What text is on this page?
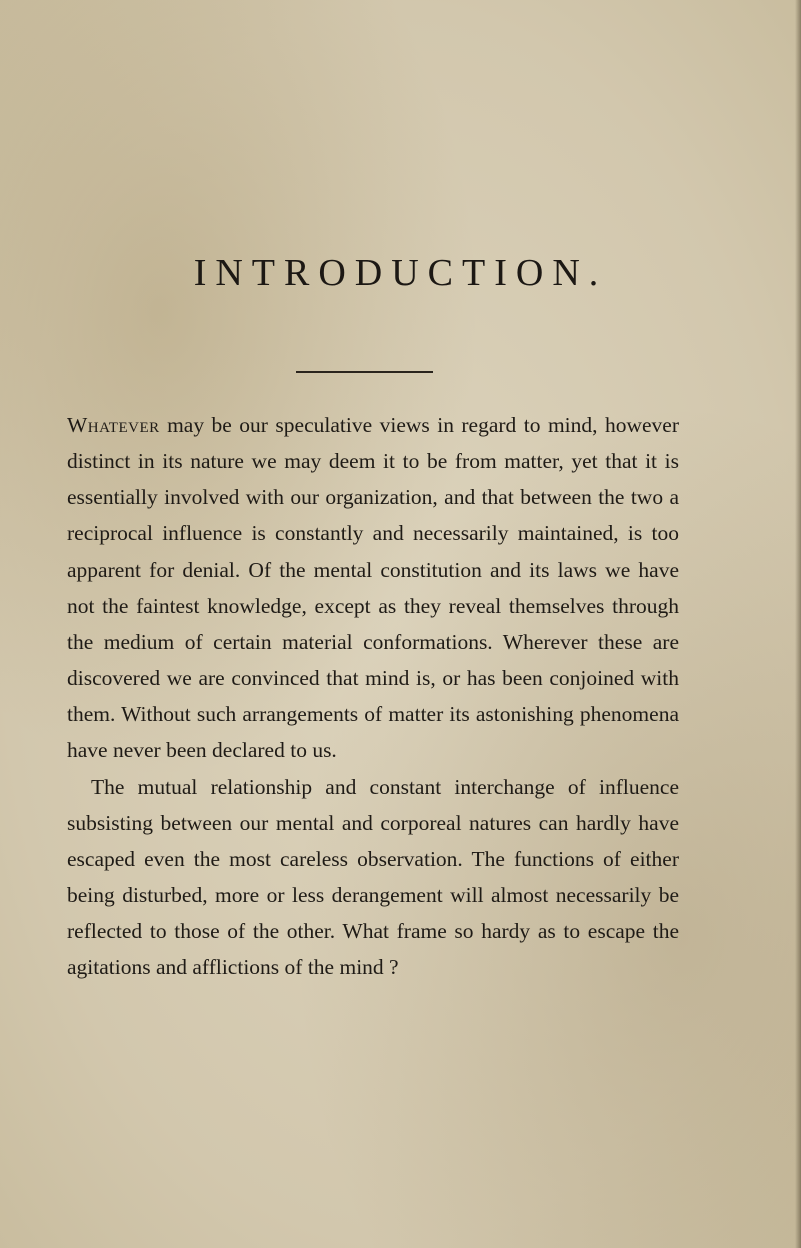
INTRODUCTION.

Whatever may be our speculative views in regard to mind, however distinct in its nature we may deem it to be from matter, yet that it is essentially involved with our organization, and that between the two a reciprocal influence is constantly and necessarily maintained, is too apparent for denial. Of the mental constitution and its laws we have not the faintest knowledge, except as they reveal themselves through the medium of certain material conformations. Wherever these are discovered we are convinced that mind is, or has been conjoined with them. Without such arrangements of matter its astonishing phenomena have never been declared to us.

The mutual relationship and constant interchange of influence subsisting between our mental and corporeal natures can hardly have escaped even the most careless observation. The functions of either being disturbed, more or less derangement will almost necessarily be reflected to those of the other. What frame so hardy as to escape the agitations and afflictions of the mind ?
